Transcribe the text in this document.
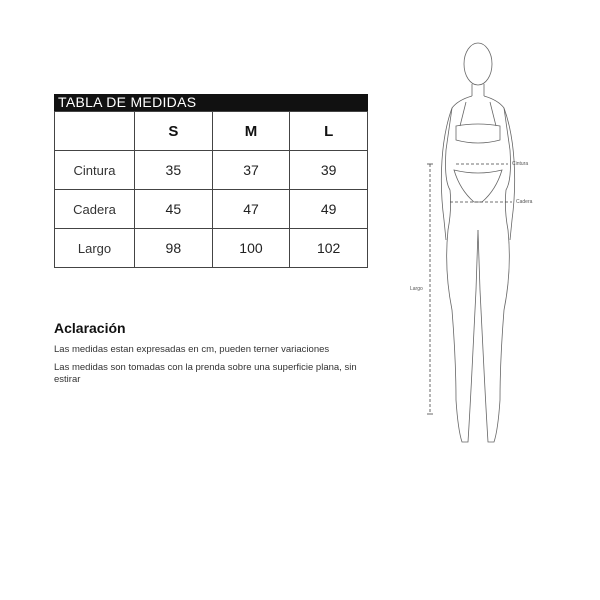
TABLA DE MEDIDAS
	S	M	L
Cintura	35	37	39
Cadera	45	47	49
Largo	98	100	102

Aclaración

Las medidas estan expresadas en cm, pueden terner variaciones

Las medidas son tomadas con la prenda sobre una superficie plana, sin estirar

Cintura
Cadera
Largo
